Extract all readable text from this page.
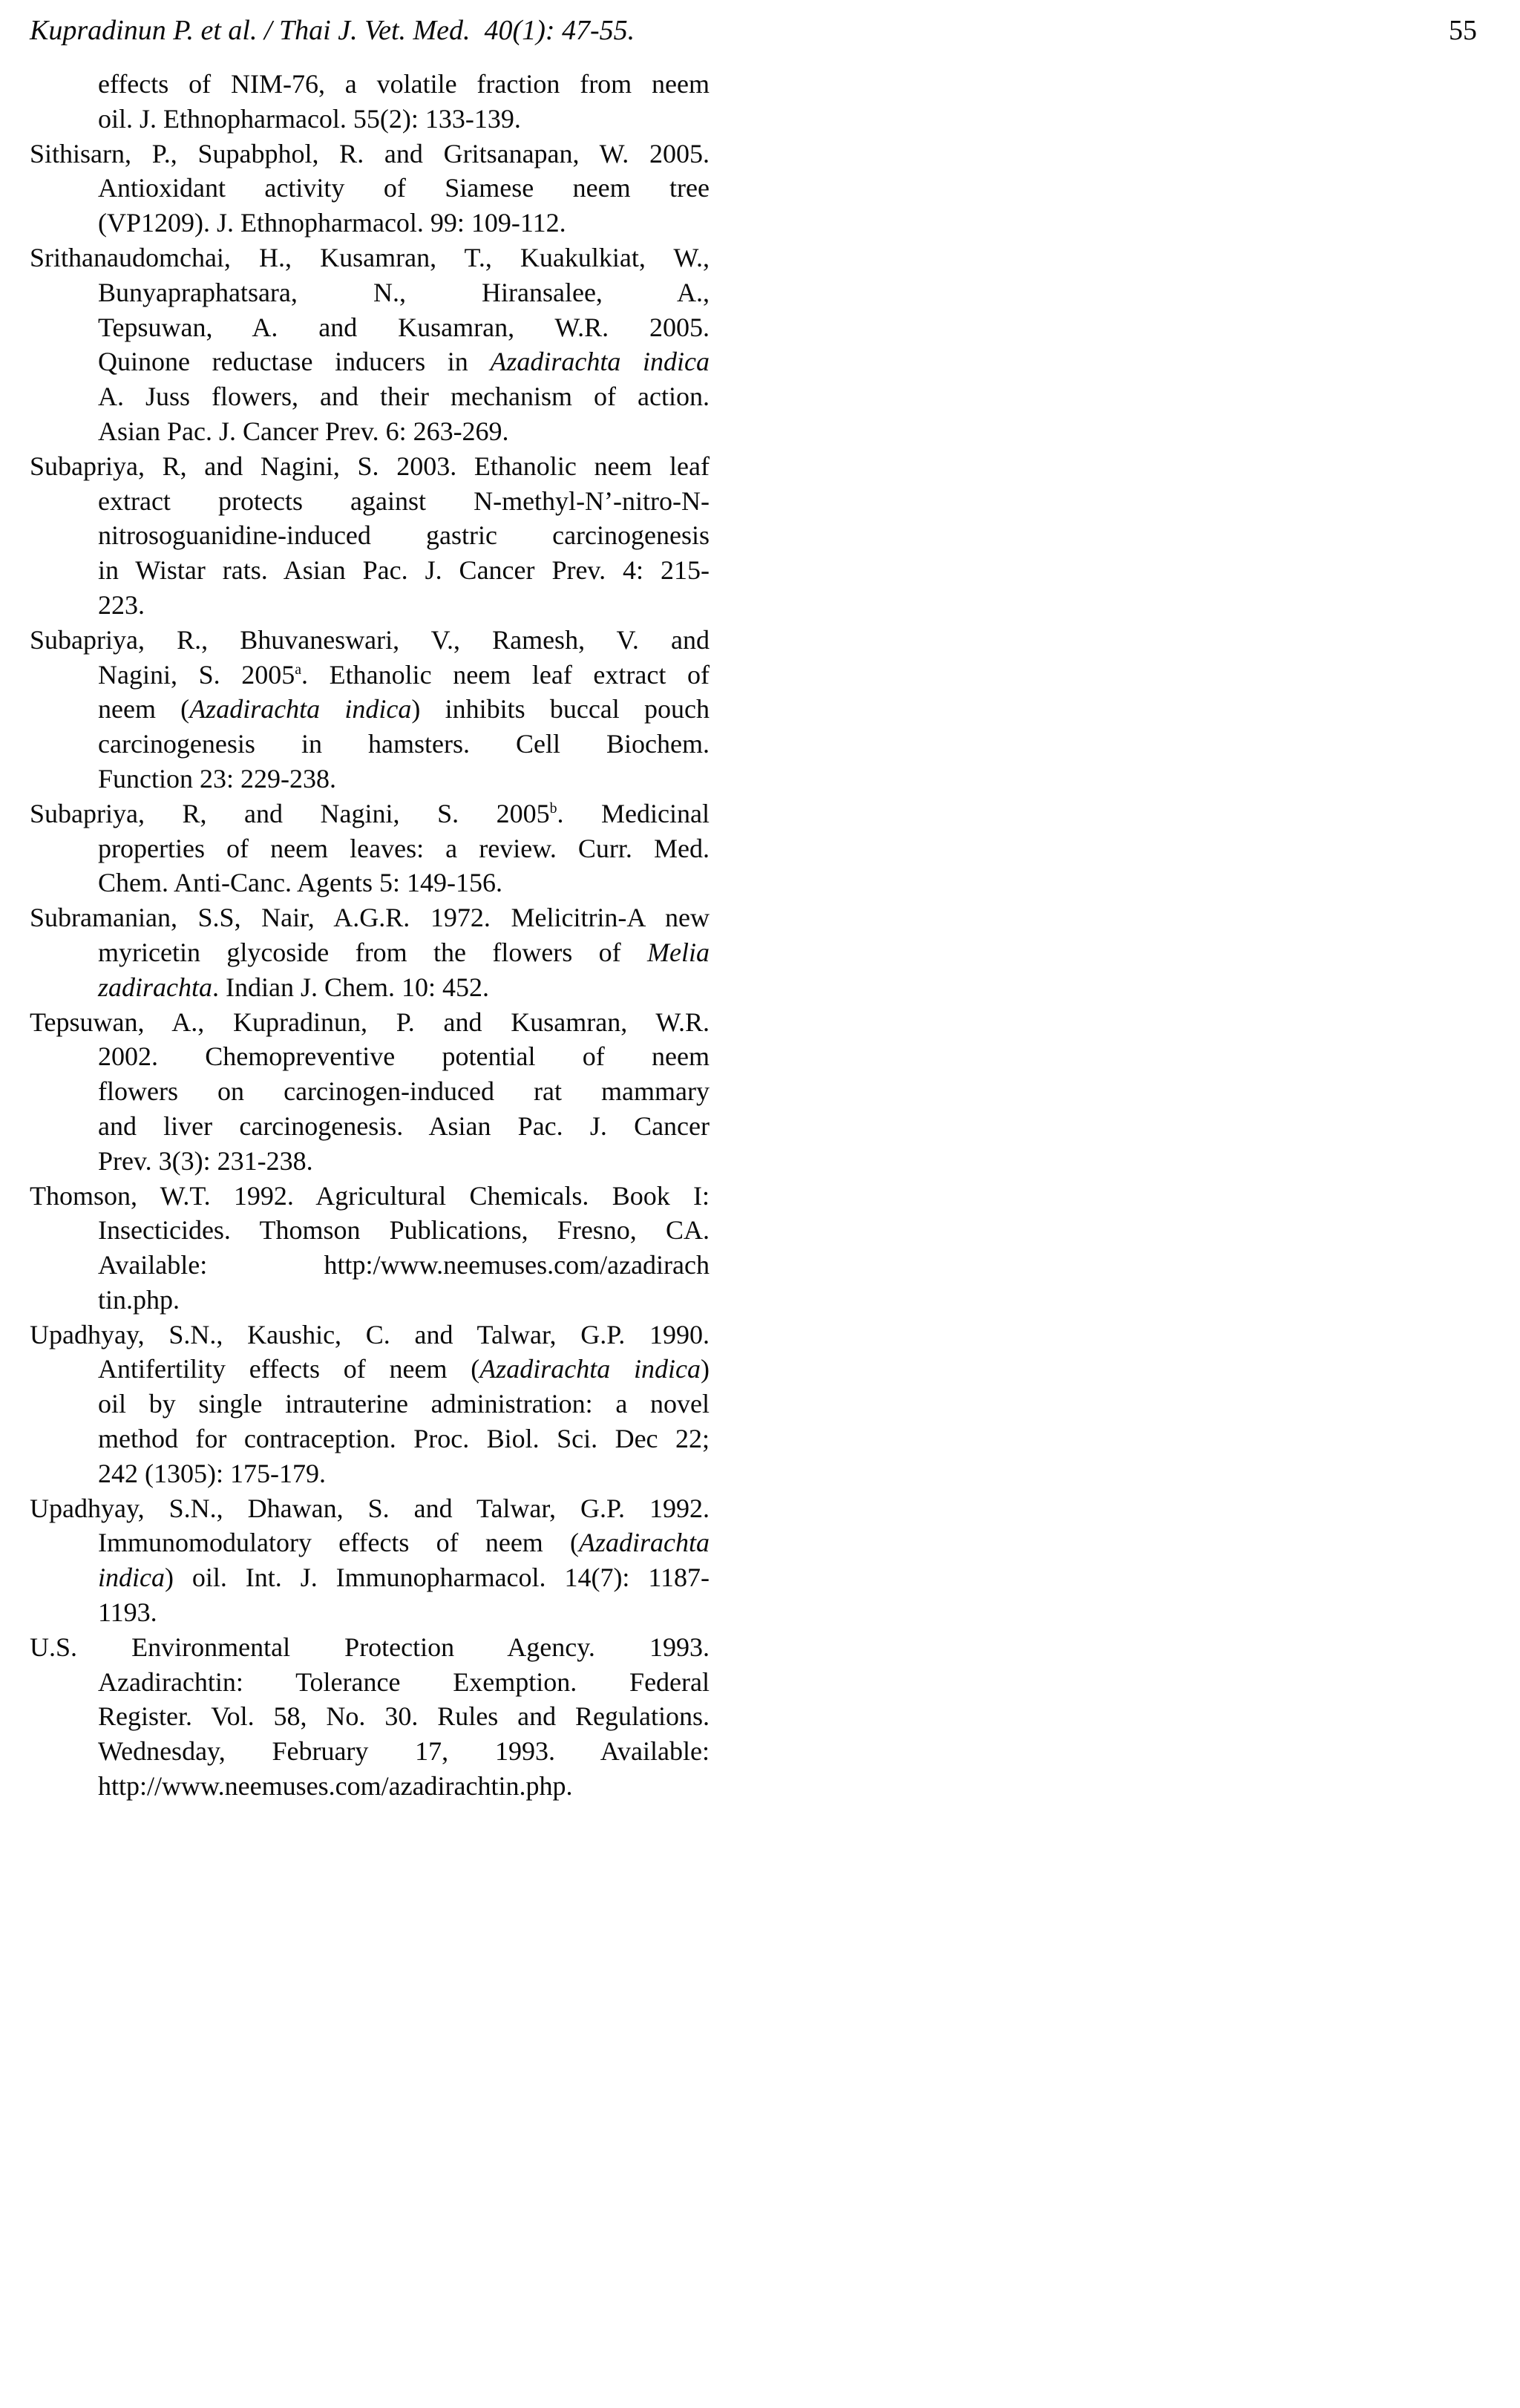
Kupradinun P. et al. / Thai J. Vet. Med.  40(1): 47-55.	55
effects of NIM-76, a volatile fraction from neem
oil. J. Ethnopharmacol. 55(2): 133-139.
Sithisarn, P., Supabphol, R. and Gritsanapan, W. 2005.
Antioxidant activity of Siamese neem tree
(VP1209). J. Ethnopharmacol. 99: 109-112.
Srithanaudomchai, H., Kusamran, T., Kuakulkiat, W.,
Bunyapraphatsara, N., Hiransalee, A.,
Tepsuwan, A. and Kusamran, W.R. 2005.
Quinone reductase inducers in Azadirachta indica
A. Juss flowers, and their mechanism of action.
Asian Pac. J. Cancer Prev. 6: 263-269.
Subapriya, R, and Nagini, S. 2003. Ethanolic neem leaf
extract protects against N-methyl-N’-nitro-N-
nitrosoguanidine-induced gastric carcinogenesis
in Wistar rats. Asian Pac. J. Cancer Prev. 4: 215-
223.
Subapriya, R., Bhuvaneswari, V., Ramesh, V. and
Nagini, S. 2005$^a$. Ethanolic neem leaf extract of
neem (Azadirachta indica) inhibits buccal pouch
carcinogenesis in hamsters. Cell Biochem.
Function 23: 229-238.
Subapriya, R, and Nagini, S. 2005$^b$. Medicinal
properties of neem leaves: a review. Curr. Med.
Chem. Anti-Canc. Agents 5: 149-156.
Subramanian, S.S, Nair, A.G.R. 1972. Melicitrin-A new
myricetin glycoside from the flowers of Melia
zadirachta. Indian J. Chem. 10: 452.
Tepsuwan, A., Kupradinun, P. and Kusamran, W.R.
2002. Chemopreventive potential of neem
flowers on carcinogen-induced rat mammary
and liver carcinogenesis. Asian Pac. J. Cancer
Prev. 3(3): 231-238.
Thomson, W.T. 1992. Agricultural Chemicals. Book I:
Insecticides. Thomson Publications, Fresno, CA.
Available: http:/www.neemuses.com/azadirach
tin.php.
Upadhyay, S.N., Kaushic, C. and Talwar, G.P. 1990.
Antifertility effects of neem (Azadirachta indica)
oil by single intrauterine administration: a novel
method for contraception. Proc. Biol. Sci. Dec 22;
242 (1305): 175-179.
Upadhyay, S.N., Dhawan, S. and Talwar, G.P. 1992.
Immunomodulatory effects of neem (Azadirachta
indica) oil. Int. J. Immunopharmacol. 14(7): 1187-
1193.
U.S. Environmental Protection Agency. 1993.
Azadirachtin: Tolerance Exemption. Federal
Register. Vol. 58, No. 30. Rules and Regulations.
Wednesday, February 17, 1993. Available:
http://www.neemuses.com/azadirachtin.php.
